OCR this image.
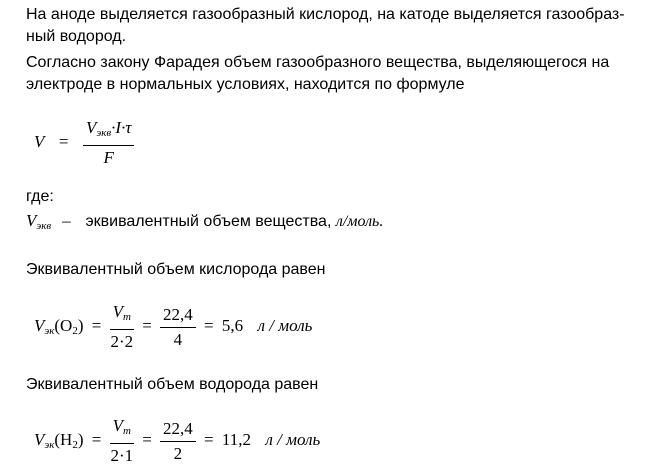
На аноде выделяется газообразный кислород, на катоде выделяется газообраз-
ный водород.
Согласно закону Фарадея объем газообразного вещества, выделяющегося на
электроде в нормальных условиях, находится по формуле
$V = \frac{V_{экв}\cdot I\cdot\tau}{F}$
где:
$V_{экв}$ – эквивалентный объем вещества, л/моль.
Эквивалентный объем кислорода равен
$V_{эк}(O_2) = \frac{V_m}{2\cdot 2} = \frac{22,4}{4} = 5,6$ л / моль
Эквивалентный объем водорода равен
$V_{эк}(H_2) = \frac{V_m}{2\cdot 1} = \frac{22,4}{2} = 11,2$ л / моль
